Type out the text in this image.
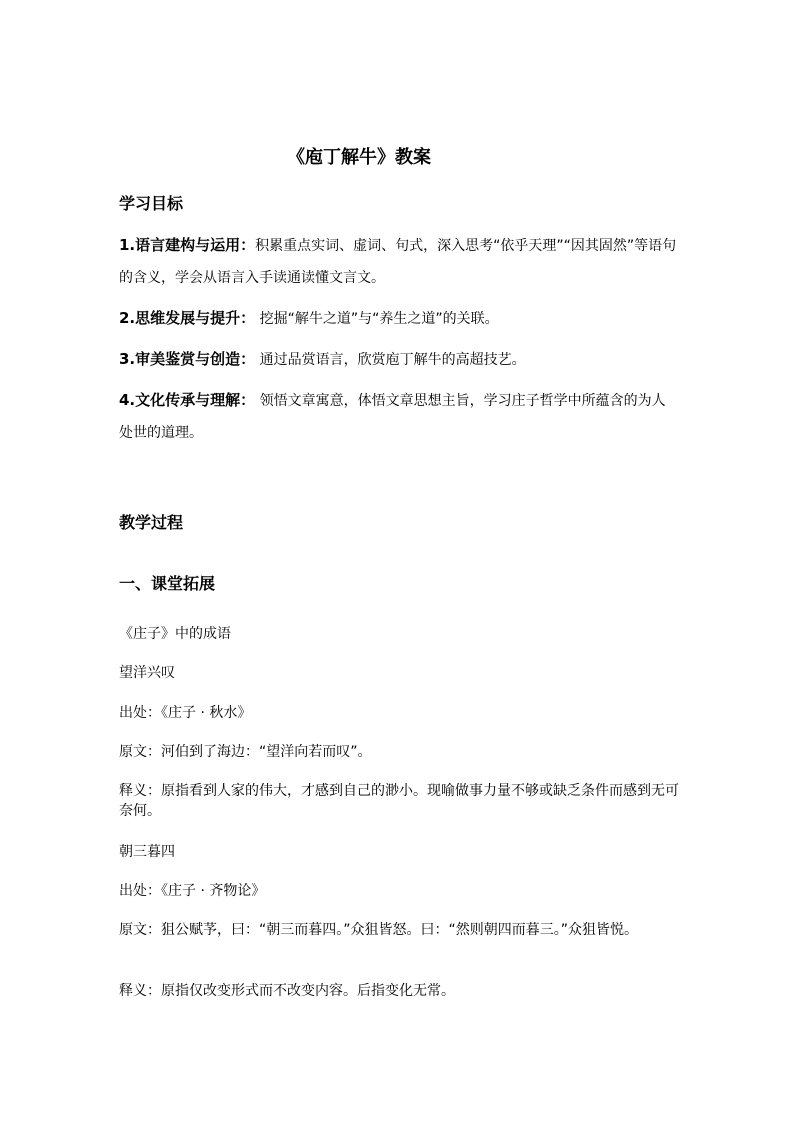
《庖丁解牛》教案
学习目标
1.语言建构与运用：积累重点实词、虚词、句式，深入思考“依乎天理”“因其固然”等语句的含义，学会从语言入手读通读懂文言文。
2.思维发展与提升： 挖掘“解牛之道”与“养生之道”的关联。
3.审美鉴赏与创造： 通过品赏语言，欣赏庖丁解牛的高超技艺。
4.文化传承与理解： 领悟文章寓意，体悟文章思想主旨，学习庄子哲学中所蕴含的为人处世的道理。
教学过程
一、课堂拓展
《庄子》中的成语
望洋兴叹
出处：《庄子 · 秋水》
原文：河伯到了海边：“望洋向若而叹”。
释义：原指看到人家的伟大，才感到自己的渺小。现喻做事力量不够或缺乏条件而感到无可奈何。
朝三暮四
出处：《庄子 · 齐物论》
原文：狙公赋芧，曰：“朝三而暮四。”众狙皆怒。曰：“然则朝四而暮三。”众狙皆悦。
释义：原指仅改变形式而不改变内容。后指变化无常。
